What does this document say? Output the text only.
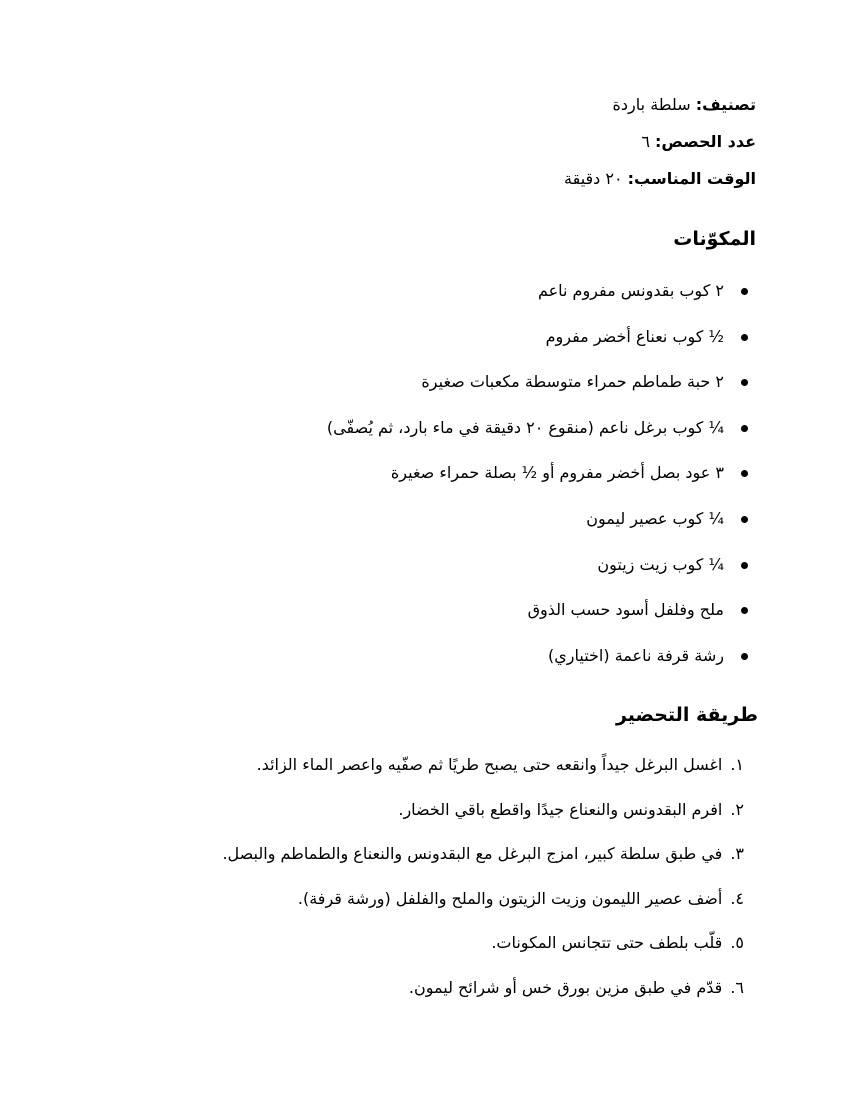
تصنيف: سلطة باردة
عدد الحصص: ٦
الوقت المناسب: ٢٠ دقيقة
المكوّنات
٢ كوب بقدونس مفروم ناعم
½ كوب نعناع أخضر مفروم
٢ حبة طماطم حمراء متوسطة مكعبات صغيرة
¼ كوب برغل ناعم (منقوع ٢٠ دقيقة في ماء بارد، ثم يُصفّى)
٣ عود بصل أخضر مفروم أو ½ بصلة حمراء صغيرة
¼ كوب عصير ليمون
¼ كوب زيت زيتون
ملح وفلفل أسود حسب الذوق
رشة قرفة ناعمة (اختياري)
طريقة التحضير
١.اغسل البرغل جيداً وانقعه حتى يصبح طريًا ثم صفّيه واعصر الماء الزائد.
٢.افرم البقدونس والنعناع جيدًا واقطع باقي الخضار.
٣.في طبق سلطة كبير، امزج البرغل مع البقدونس والنعناع والطماطم والبصل.
٤.أضف عصير الليمون وزيت الزيتون والملح والفلفل (ورشة قرفة).
٥.قلّب بلطف حتى تتجانس المكونات.
٦.قدّم في طبق مزين بورق خس أو شرائح ليمون.
